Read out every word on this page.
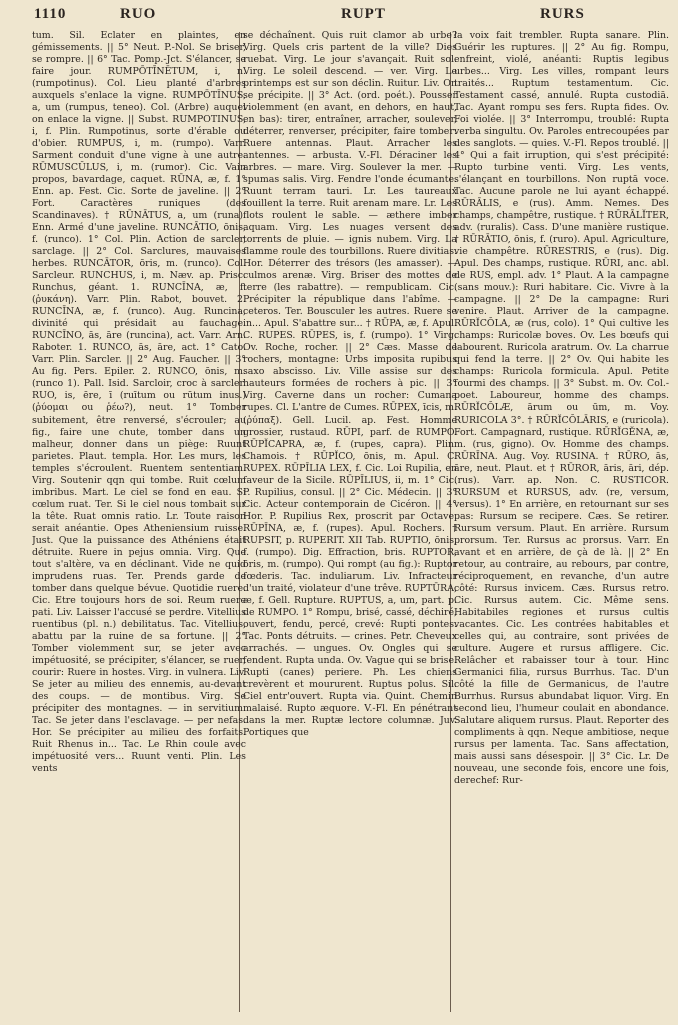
1110	RUO	RUPT	RURS

tum. Sil. Eclater en plaintes, en gémissements. || 5° Neut. P.-Nol. Se briser, se rompre. || 6° Tac. Pomp.-Jct. S'élancer, se faire jour. RUMPŌTĪNĒTUM, i, n. (rumpotinus). Col. Lieu planté d'arbres auxquels s'enlace la vigne. RUMPŌTĪNUS, a, um (rumpus, teneo). Col. (Arbre) auquel on enlace la vigne. || Subst. RUMPOTINUS, i, f. Plin. Rumpotinus, sorte d'érable ou d'obier. RUMPUS, i, m. (rumpo). Varr. Sarment conduit d'une vigne à une autre. RŪMUSCŬLUS, i, m. (rumor). Cic. Vain propos, bavardage, caquet. RŪNA, æ, f. 1° Enn. ap. Fest. Cic. Sorte de javeline. || 2° Fort. Caractères runiques (des Scandinaves). † RŪNĀTUS, a, um (runa). Enn. Armé d'une javeline. RUNCĀTIO, ōnis, f. (runco). 1° Col. Plin. Action de sarcler, sarclage. || 2° Col. Sarclures, mauvaises herbes. RUNCĀTOR, ōris, m. (runco). Col. Sarcleur. RUNCHUS, i, m. Næv. ap. Prisc. Runchus, géant. 1. RUNCĪNA, æ, f. (ῥυκάνη). Varr. Plin. Rabot, bouvet. 2. RUNCĪNA, æ, f. (runco). Aug. Runcina, divinité qui présidait au fauchage. RUNCĪNO, ās, āre (runcina), act. Varr. Arn. Raboter. 1. RUNCO, ās, āre, act. 1° Cato. Varr. Plin. Sarcler. || 2° Aug. Faucher. || 3° Au fig. Pers. Epiler. 2. RUNCO, ōnis, m. (runco 1). Pall. Isid. Sarcloir, croc à sarcler. RUO, is, ēre, ī (ruītum ou rūtum inus.) (ῥύομαι ou ῥέω?), neut. 1° Tomber subitement, être renversé, s'écrouler; au fig., faire une chute, tomber dans un malheur, donner dans un piège: Ruunt parietes. Plaut. templa. Hor. Les murs, les temples s'écroulent. Ruentem sententiam. Virg. Soutenir qqn qui tombe. Ruit cœlum imbribus. Mart. Le ciel se fond en eau. Si cœlum ruat. Ter. Si le ciel nous tombait sur la tête. Ruat omnis ratio. Lr. Toute raison serait anéantie. Opes Atheniensium ruisse. Just. Que la puissance des Athéniens était détruite. Ruere in pejus omnia. Virg. Que tout s'altère, va en déclinant. Vide ne quid imprudens ruas. Ter. Prends garde de tomber dans quelque bévue. Quotidie ruere. Cic. Etre toujours hors de soi. Reum ruere pati. Liv. Laisser l'accusé se perdre. Vitellius ruentibus (pl. n.) debilitatus. Tac. Vitellius, abattu par la ruine de sa fortune. || 2° Tomber violemment sur, se jeter avec impétuosité, se précipiter, s'élancer, se ruer, courir: Ruere in hostes. Virg. in vulnera. Liv. Se jeter au milieu des ennemis, au-devant des coups. — de montibus. Virg. Se précipiter des montagnes. — in servitium. Tac. Se jeter dans l'esclavage. — per nefas. Hor. Se précipiter au milieu des forfaits. Ruit Rhenus in... Tac. Le Rhin coule avec impétuosité vers... Ruunt venti. Plin. Les vents

se déchaînent. Quis ruit clamor ab urbe? Virg. Quels cris partent de la ville? Dies ruebat. Virg. Le jour s'avançait. Ruit sol. Virg. Le soleil descend. — ver. Virg. Le printemps est sur son déclin. Ruitur. Liv. On se précipite. || 3° Act. (ord. poét.). Pousser violemment (en avant, en dehors, en haut, en bas): tirer, entraîner, arracher, soulever, déterrer, renverser, précipiter, faire tomber: Ruere antennas. Plaut. Arracher les antennes. — arbusta. V.-Fl. Déraciner les arbres. — mare. Virg. Soulever la mer. — spumas salis. Virg. Fendre l'onde écumante. Ruunt terram tauri. Lr. Les taureaux fouillent la terre. Ruit arenam mare. Lr. Les flots roulent le sable. — æthere imber aquam. Virg. Les nuages versent des torrents de pluie. — ignis nubem. Virg. La flamme roule des tourbillons. Ruere divitias. Hor. Déterrer des trésors (les amasser). — culmos arenæ. Virg. Briser des mottes de terre (les rabattre). — rempublicam. Cic. Précipiter la république dans l'abîme. — ceteros. Ter. Bousculer les autres. Ruere se in... Apul. S'abattre sur... † RŪPA, æ, f. Apul. C. RUPES. RŪPES, is, f. (rumpo). 1° Virg. Ov. Roche, rocher. || 2° Cæs. Masse de rochers, montagne: Urbs imposita rupibus saxo abscisso. Liv. Ville assise sur des hauteurs formées de rochers à pic. || 3° Virg. Caverne dans un rocher: Cumana rupes. Cl. L'antre de Cumes. RŪPEX, īcis, m. (ῥύπαξ). Gell. Lucil. ap. Fest. Homme grossier, rustaud. RŪPI, parf. de RUMPO. RŪPĬCAPRA, æ, f. (rupes, capra). Plin. Chamois. † RŪPĬCO, ōnis, m. Apul. C. RUPEX. RŪPĪLIA LEX, f. Cic. Loi Rupilia, en faveur de la Sicile. RŪPĪLIUS, ii, m. 1° Cic. P. Rupilius, consul. || 2° Cic. Médecin. || 3° Cic. Acteur contemporain de Cicéron. || 4° Hor. P. Rupilius Rex, proscrit par Octave. RŪPĪNA, æ, f. (rupes). Apul. Rochers. † RUPSIT, p. RUPERIT. XII Tab. RUPTIO, ōnis, f. (rumpo). Dig. Effraction, bris. RUPTOR, ōris, m. (rumpo). Qui rompt (au fig.): Ruptor fœderis. Tac. induliarum. Liv. Infracteur d'un traité, violateur d'une trêve. RUPTŪRA, æ, f. Gell. Rupture. RUPTUS, a, um, part. p. de RUMPO. 1° Rompu, brisé, cassé, déchiré, ouvert, fendu, percé, crevé: Rupti pontes. Tac. Ponts détruits. — crines. Petr. Cheveux arrachés. — ungues. Ov. Ongles qui se fendent. Rupta unda. Ov. Vague qui se brise. Rupti (canes) periere. Ph. Les chiens crevèrent et moururent. Ruptus polus. Sil. Ciel entr'ouvert. Rupta via. Quint. Chemin malaisé. Rupto æquore. V.-Fl. En pénétrant dans la mer. Ruptæ lectore columnæ. Juv. Portiques que

la voix fait trembler. Rupta sanare. Plin. Guérir les ruptures. || 2° Au fig. Rompu, enfreint, violé, anéanti: Ruptis legibus urbes... Virg. Les villes, rompant leurs traités... Ruptum testamentum. Cic. Testament cassé, annulé. Rupta custodiā. Tac. Ayant rompu ses fers. Rupta fides. Ov. Foi violée. || 3° Interrompu, troublé: Rupta verba singultu. Ov. Paroles entrecoupées par des sanglots. — quies. V.-Fl. Repos troublé. || 4° Qui a fait irruption, qui s'est précipité: Rupto turbine venti. Virg. Les vents, s'élançant en tourbillons. Non ruptā voce. Tac. Aucune parole ne lui ayant échappé. RŪRĀLIS, e (rus). Amm. Nemes. Des champs, champêtre, rustique. † RŪRĀLĬTER, adv. (ruralis). Cass. D'une manière rustique. † RŪRĀTIO, ōnis, f. (ruro). Apul. Agriculture, vie champêtre. RŪRESTRIS, e (rus). Dig. Apul. Des champs, rustique. RŪRI, anc. abl. de RUS, empl. adv. 1° Plaut. A la campagne (sans mouv.): Ruri habitare. Cic. Vivre à la campagne. || 2° De la campagne: Ruri venire. Plaut. Arriver de la campagne. RŪRĬCŎLA, æ (rus, colo). 1° Qui cultive les champs: Ruricolæ boves. Ov. Les bœufs qui labourent. Ruricola aratrum. Ov. La charrue qui fend la terre. || 2° Ov. Qui habite les champs: Ruricola formicula. Apul. Petite fourmi des champs. || 3° Subst. m. Ov. Col.-poet. Laboureur, homme des champs. RŪRĬCŎLÆ, ārum ou ūm, m. Voy. RURICOLA 3°. † RŪRĬCŎLĀRIS, e (ruricola). Fort. Campagnard, rustique. RŪRĬGĔNA, æ, m. (rus, gigno). Ov. Homme des champs. RŪRĪNA. Aug. Voy. RUSINA. † RŪRO, ās, āre, neut. Plaut. et † RŪROR, āris, āri, dép. (rus). Varr. ap. Non. C. RUSTICOR. RURSUM et RURSUS, adv. (re, versum, versus). 1° En arrière, en retournant sur ses pas: Rursum se recipere. Cæs. Se retirer. Rursum versum. Plaut. En arrière. Rursum prorsum. Ter. Rursus ac prorsus. Varr. En avant et en arrière, de çà de là. || 2° En retour, au contraire, au rebours, par contre, réciproquement, en revanche, d'un autre côté: Rursus invicem. Cæs. Rursus retro. Cic. Rursus autem. Cic. Même sens. Habitabiles regiones et rursus cultis vacantes. Cic. Les contrées habitables et celles qui, au contraire, sont privées de culture. Augere et rursus affligere. Cic. Relâcher et rabaisser tour à tour. Hinc Germanici filia, rursus Burrhus. Tac. D'un côté la fille de Germanicus, de l'autre Burrhus. Rursus abundabat liquor. Virg. En second lieu, l'humeur coulait en abondance. Salutare aliquem rursus. Plaut. Reporter des compliments à qqn. Neque ambitiose, neque rursus per lamenta. Tac. Sans affectation, mais aussi sans désespoir. || 3° Cic. Lr. De nouveau, une seconde fois, encore une fois, derechef: Rur-
